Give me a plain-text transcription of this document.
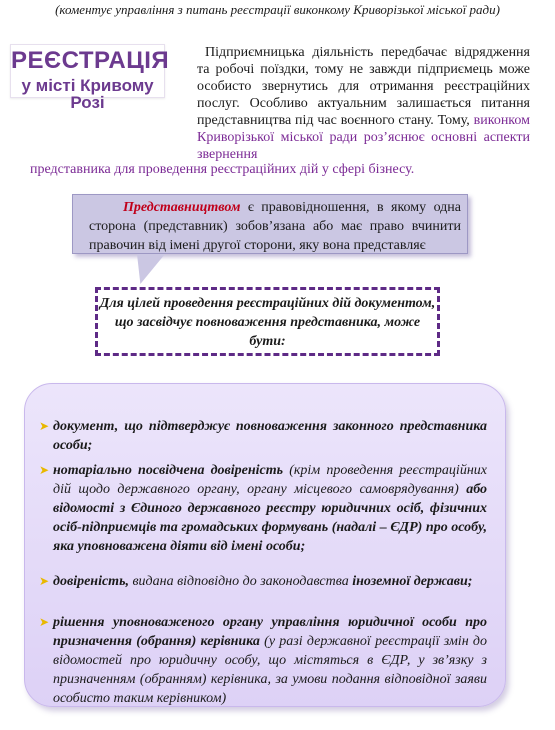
(коментує управління з питань реєстрації виконкому Криворізької міської ради)
РЕЄСТРАЦІЯ
у місті Кривому Розі
Підприємницька діяльність передбачає відрядження та робочі поїздки, тому не завжди підприємець може особисто звернутись для отримання реєстраційних послуг. Особливо актуальним залишається питання представництва під час воєнного стану. Тому, виконком Криворізької міської ради роз’яснює основні аспекти звернення
представника для проведення реєстраційних дій у сфері бізнесу.
Представництвом є правовідношення, в якому одна сторона (представник) зобов’язана або має право вчинити правочин від імені другої сторони, яку вона представляє
Для цілей проведення реєстраційних дій документом, що засвідчує повноваження представника, може бути:
➤ документ, що підтверджує повноваження законного представника особи;
➤ нотаріально посвідчена довіреність (крім проведення реєстраційних дій щодо державного органу, органу місцевого самоврядування) або відомості з Єдиного державного реєстру юридичних осіб, фізичних осіб-підприємців та громадських формувань (надалі – ЄДР) про особу, яка уповноважена діяти від імені особи;
➤ довіреність, видана відповідно до законодавства іноземної держави;
➤ рішення уповноваженого органу управління юридичної особи про призначення (обрання) керівника (у разі державної реєстрації змін до відомостей про юридичну особу, що містяться в ЄДР, у зв’язку з призначенням (обранням) керівника, за умови подання відповідної заяви особисто таким керівником)
